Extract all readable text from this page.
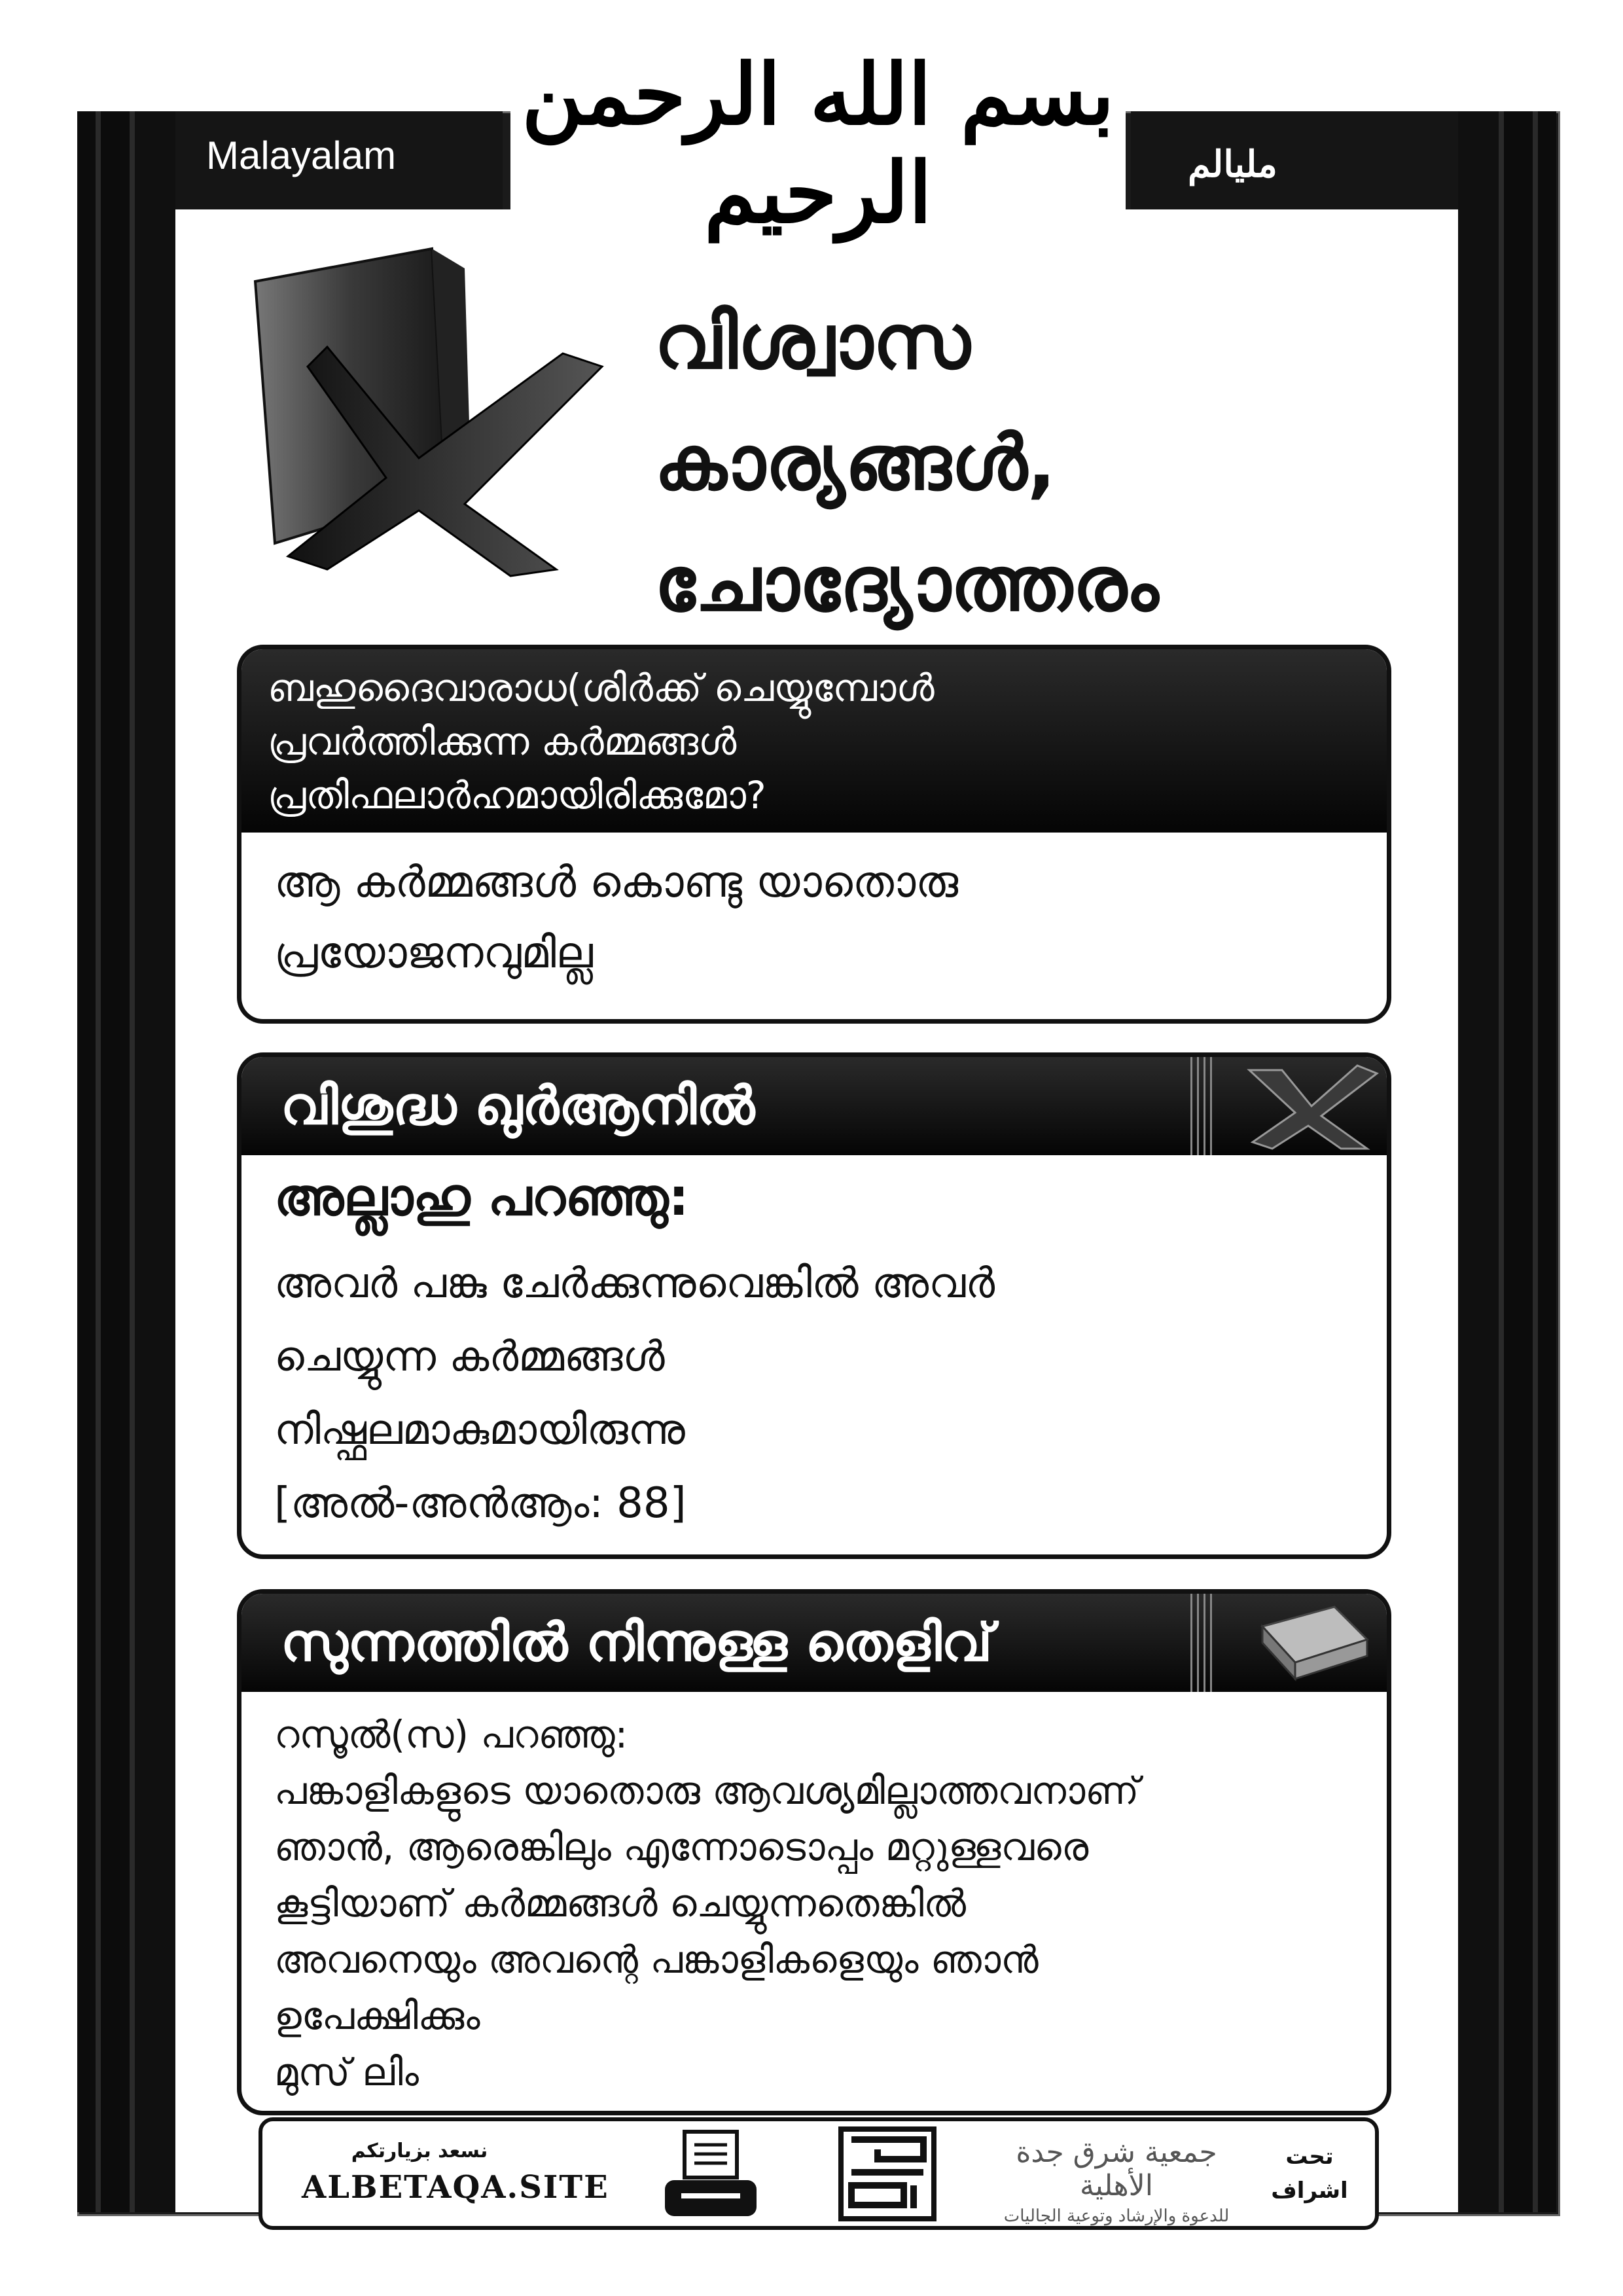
Malayalam	مليالم
بسم الله الرحمن الرحيم
വിശ്വാസ
കാര്യങ്ങൾ,
ചോദ്യോത്തരം
ബഹുദൈവാരാധ(ശിർക്ക് ചെയ്യുമ്പോൾ
പ്രവർത്തിക്കുന്ന കർമ്മങ്ങൾ
പ്രതിഫലാർഹമായിരിക്കുമോ?
ആ കർമ്മങ്ങൾ കൊണ്ടു യാതൊരു
പ്രയോജനവുമില്ല
വിശുദ്ധ ഖുർആനിൽ
അല്ലാഹു പറഞ്ഞു:
അവർ പങ്കു ചേർക്കുന്നുവെങ്കിൽ അവർ
ചെയ്യുന്ന കർമ്മങ്ങൾ
നിഷ്ഫലമാകുമായിരുന്നു
[അൽ-അൻആം: 88]
സുന്നത്തിൽ നിന്നുള്ള തെളിവ്
റസൂൽ(സ) പറഞ്ഞു:
പങ്കാളികളുടെ യാതൊരു ആവശ്യമില്ലാത്തവനാണ്
ഞാൻ, ആരെങ്കിലും എന്നോടൊപ്പം മറ്റുള്ളവരെ
കൂട്ടിയാണ് കർമ്മങ്ങൾ ചെയ്യുന്നതെങ്കിൽ
അവനെയും അവന്റെ പങ്കാളികളെയും ഞാൻ
ഉപേക്ഷിക്കും
മുസ് ലിം
نسعد بزيارتكم
ALBETAQA.SITE
جمعية شرق جدة الأهلية
للدعوة والإرشاد وتوعية الجاليات
تحت
اشراف
